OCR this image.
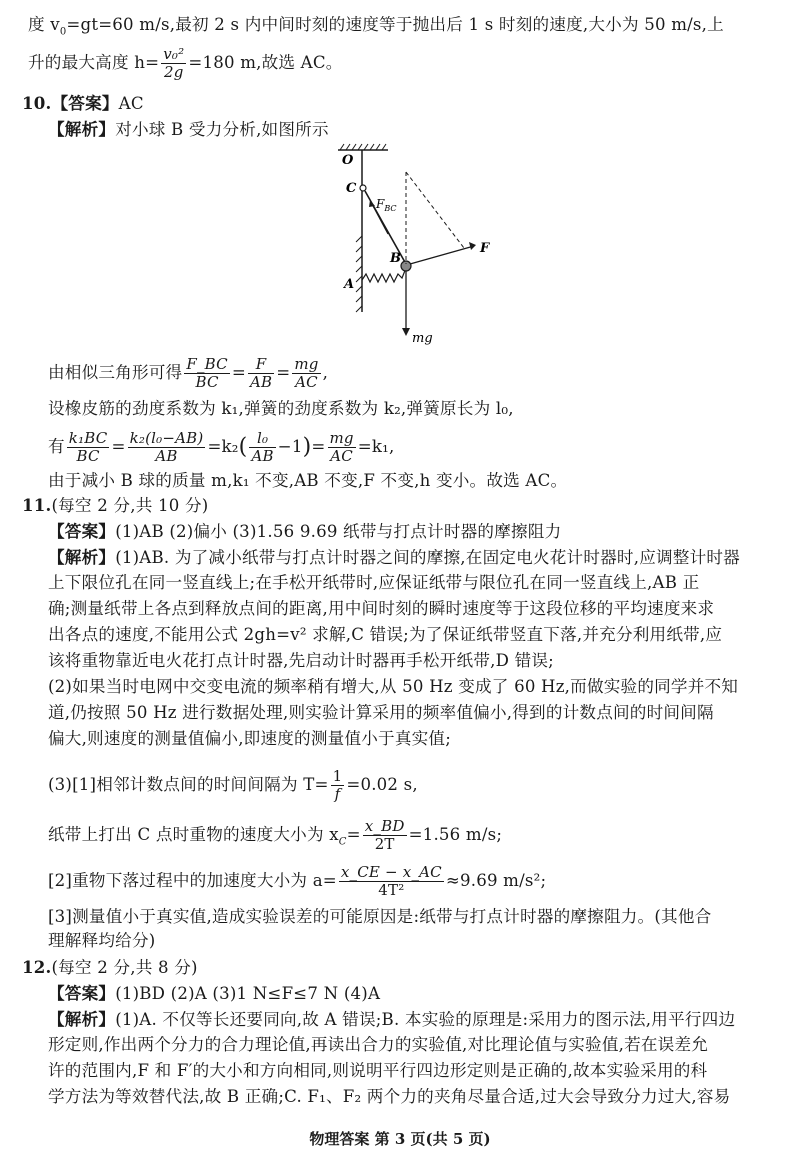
度 $v_0=gt=60$ m/s,最初 2 s 内中间时刻的速度等于抛出后 1 s 时刻的速度,大小为 50 m/s,上
升的最大高度 $h= \frac{\text{v₀²}}{2g} =180$ m,故选 AC。
10.【答案】AC
【解析】对小球 B 受力分析,如图所示
O
C
A
B
F
$F_{BC}$
mg
由相似三角形可得 $\frac{F\_BC}{BC} = \frac{F}{AB} = \frac{mg}{AC}$ ,
设橡皮筋的劲度系数为 k₁,弹簧的劲度系数为 k₂,弹簧原长为 l₀,
有 $\frac{\text{k₁BC}}{BC} = \frac{\text{k₂(l₀−AB)}}{AB} =k_2( \frac{\text{l₀}}{AB} -1)= \frac{mg}{AC} =k_1$,
由于减小 B 球的质量 m,k₁ 不变,AB 不变,F 不变,h 变小。故选 AC。
11.(每空 2 分,共 10 分)
【答案】(1)AB (2)偏小 (3)1.56 9.69 纸带与打点计时器的摩擦阻力
【解析】(1)AB. 为了减小纸带与打点计时器之间的摩擦,在固定电火花计时器时,应调整计时器
上下限位孔在同一竖直线上;在手松开纸带时,应保证纸带与限位孔在同一竖直线上,AB 正
确;测量纸带上各点到释放点间的距离,用中间时刻的瞬时速度等于这段位移的平均速度来求
出各点的速度,不能用公式 2gh=v² 求解,C 错误;为了保证纸带竖直下落,并充分利用纸带,应
该将重物靠近电火花打点计时器,先启动计时器再手松开纸带,D 错误;
(2)如果当时电网中交变电流的频率稍有增大,从 50 Hz 变成了 60 Hz,而做实验的同学并不知
道,仍按照 50 Hz 进行数据处理,则实验计算采用的频率值偏小,得到的计数点间的时间间隔
偏大,则速度的测量值偏小,即速度的测量值小于真实值;
(3)[1]相邻计数点间的时间间隔为 $T= \frac{1}{f} =0.02$ s,
纸带上打出 C 点时重物的速度大小为 $x_C= \frac{x\_BD}{2T} =1.56$ m/s;
[2]重物下落过程中的加速度大小为 $a= \frac{x\_CE - x\_AC}{\text{4T²}} \approx 9.69$ m/s²;
[3]测量值小于真实值,造成实验误差的可能原因是:纸带与打点计时器的摩擦阻力。(其他合
理解释均给分)
12.(每空 2 分,共 8 分)
【答案】(1)BD (2)A (3)1 N≤F≤7 N (4)A
【解析】(1)A. 不仅等长还要同向,故 A 错误;B. 本实验的原理是:采用力的图示法,用平行四边
形定则,作出两个分力的合力理论值,再读出合力的实验值,对比理论值与实验值,若在误差允
许的范围内,F 和 F′的大小和方向相同,则说明平行四边形定则是正确的,故本实验采用的科
学方法为等效替代法,故 B 正确;C. F₁、F₂ 两个力的夹角尽量合适,过大会导致分力过大,容易
物理答案 第 3 页(共 5 页)
